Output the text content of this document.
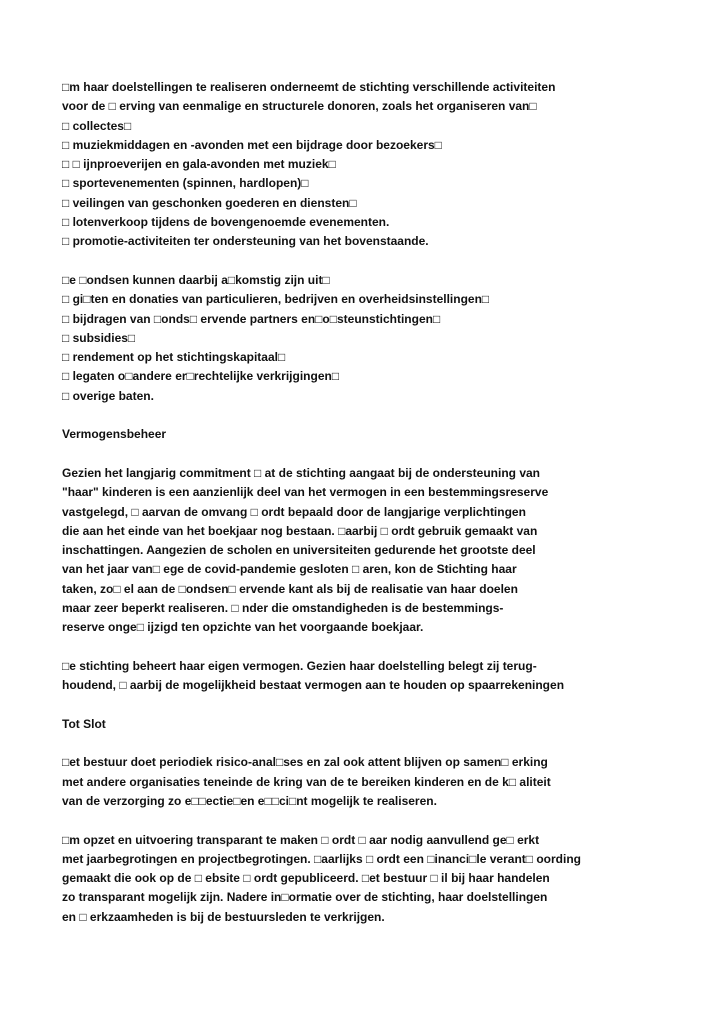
□m haar doelstellingen te realiseren onderneemt de stichting verschillende activiteiten
voor de □ erving van eenmalige en structurele donoren, zoals het organiseren van□
□ collectes□
□ muziekmiddagen en -avonden met een bijdrage door bezoekers□
□ □ ijnproeverijen en gala-avonden met muziek□
□ sportevenementen (spinnen, hardlopen)□
□ veilingen van geschonken goederen en diensten□
□ lotenverkoop tijdens de bovengenoemde evenementen.
□ promotie-activiteiten ter ondersteuning van het bovenstaande.
□e □ondsen kunnen daarbij a□komstig zijn uit□
□ gi□ten en donaties van particulieren, bedrijven en overheidsinstellingen□
□ bijdragen van □onds□ ervende partners en□o□steunstichtingen□
□ subsidies□
□ rendement op het stichtingskapitaal□
□ legaten o□andere er□rechtelijke verkrijgingen□
□ overige baten.
Vermogensbeheer
Gezien het langjarig commitment □ at de stichting aangaat bij de ondersteuning van
"haar" kinderen is een aanzienlijk deel van het vermogen in een bestemmingsreserve
vastgelegd, □ aarvan de omvang □ ordt bepaald door de langjarige verplichtingen
die aan het einde van het boekjaar nog bestaan. □aarbij □ ordt gebruik gemaakt van
inschattingen. Aangezien de scholen en universiteiten gedurende het grootste deel
van het jaar van□ ege de covid-pandemie gesloten □ aren, kon de Stichting haar
taken, zo□ el aan de □ondsen□ ervende kant als bij de realisatie van haar doelen
maar zeer beperkt realiseren. □ nder die omstandigheden is de bestemmings-
reserve onge□ ijzigd ten opzichte van het voorgaande boekjaar.
□e stichting beheert haar eigen vermogen. Gezien haar doelstelling belegt zij terug-
houdend, □ aarbij de mogelijkheid bestaat vermogen aan te houden op spaarrekeningen
Tot Slot
□et bestuur doet periodiek risico-anal□ses en zal ook attent blijven op samen□ erking
met andere organisaties teneinde de kring van de te bereiken kinderen en de k□ aliteit
van de verzorging zo e□□ectie□en e□□ci□nt mogelijk te realiseren.
□m opzet en uitvoering transparant te maken □ ordt □ aar nodig aanvullend ge□ erkt
met jaarbegrotingen en projectbegrotingen. □aarlijks □ ordt een □inanci□le verant□ oording
gemaakt die ook op de □ ebsite □ ordt gepubliceerd. □et bestuur □ il bij haar handelen
zo transparant mogelijk zijn. Nadere in□ormatie over de stichting, haar doelstellingen
en □ erkzaamheden is bij de bestuursleden te verkrijgen.
